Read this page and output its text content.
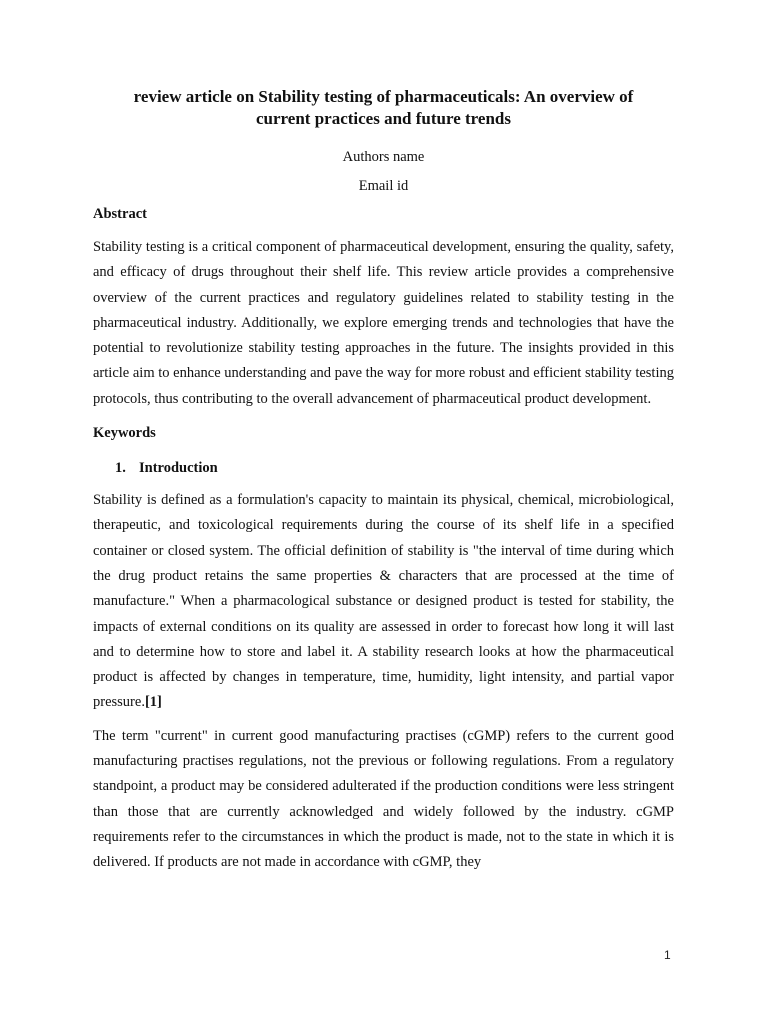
review article on Stability testing of pharmaceuticals: An overview of
current practices and future trends

Authors name

Email id

Abstract

Stability testing is a critical component of pharmaceutical development, ensuring the quality, safety, and efficacy of drugs throughout their shelf life. This review article provides a comprehensive overview of the current practices and regulatory guidelines related to stability testing in the pharmaceutical industry. Additionally, we explore emerging trends and technologies that have the potential to revolutionize stability testing approaches in the future. The insights provided in this article aim to enhance understanding and pave the way for more robust and efficient stability testing protocols, thus contributing to the overall advancement of pharmaceutical product development.

Keywords
1. Introduction

Stability is defined as a formulation's capacity to maintain its physical, chemical, microbiological, therapeutic, and toxicological requirements during the course of its shelf life in a specified container or closed system. The official definition of stability is "the interval of time during which the drug product retains the same properties & characters that are processed at the time of manufacture." When a pharmacological substance or designed product is tested for stability, the impacts of external conditions on its quality are assessed in order to forecast how long it will last and to determine how to store and label it. A stability research looks at how the pharmaceutical product is affected by changes in temperature, time, humidity, light intensity, and partial vapor pressure.[1]

The term "current" in current good manufacturing practises (cGMP) refers to the current good manufacturing practises regulations, not the previous or following regulations. From a regulatory standpoint, a product may be considered adulterated if the production conditions were less stringent than those that are currently acknowledged and widely followed by the industry. cGMP requirements refer to the circumstances in which the product is made, not to the state in which it is delivered. If products are not made in accordance with cGMP, they

1
